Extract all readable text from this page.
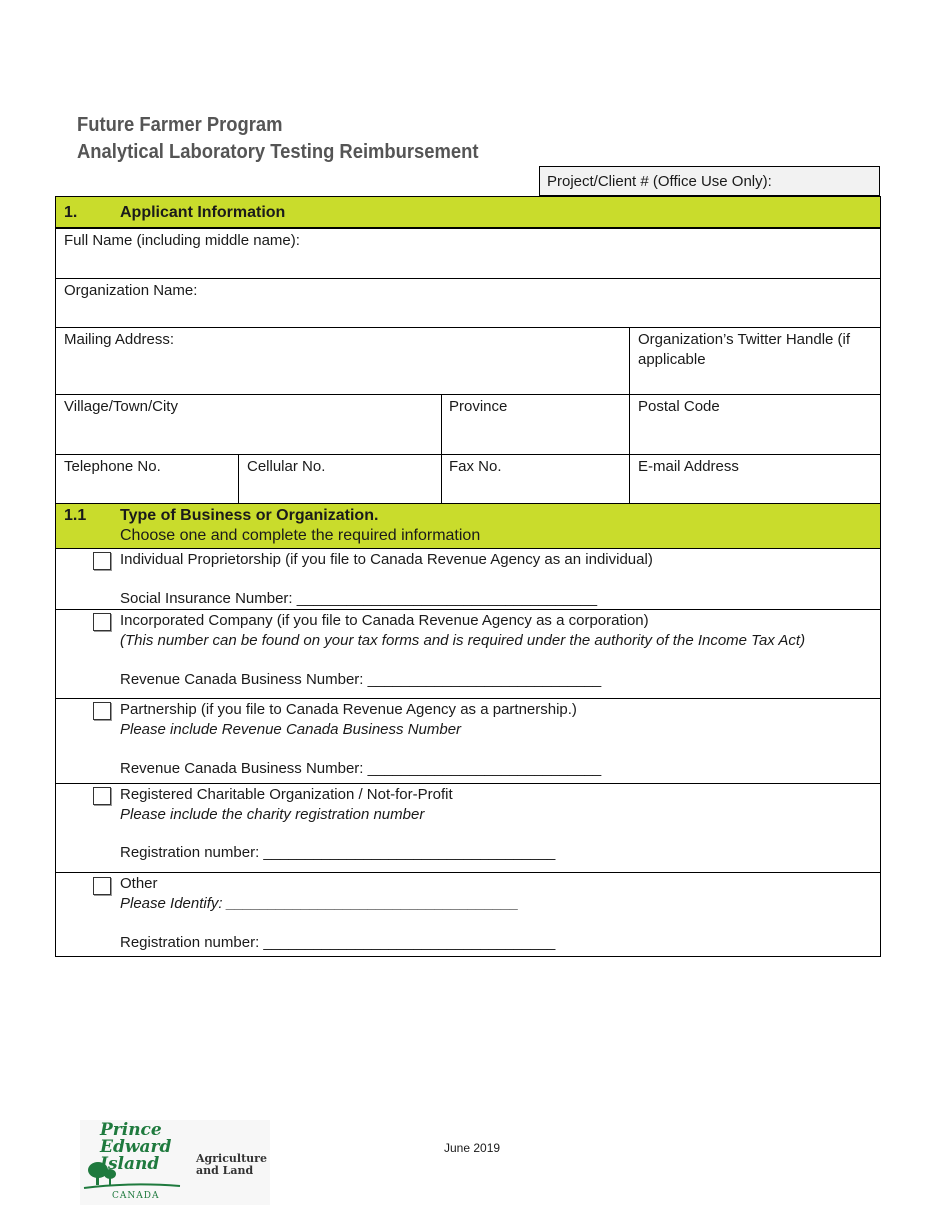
Future Farmer Program
Analytical Laboratory Testing Reimbursement
Project/Client # (Office Use Only):
1.	Applicant Information
Full Name (including middle name):
Organization Name:
Mailing Address:	Organization’s Twitter Handle (if
applicable
Village/Town/City	Province	Postal Code
Telephone No.	Cellular No.	Fax No.	E-mail Address
1.1 Type of Business or Organization.
Choose one and complete the required information
Individual Proprietorship (if you file to Canada Revenue Agency as an individual)
Social Insurance Number: ____________________________________
Incorporated Company (if you file to Canada Revenue Agency as a corporation)
(This number can be found on your tax forms and is required under the authority of the Income Tax Act)
Revenue Canada Business Number: ____________________________
Partnership (if you file to Canada Revenue Agency as a partnership.)
Please include Revenue Canada Business Number
Revenue Canada Business Number: ____________________________
Registered Charitable Organization / Not-for-Profit
Please include the charity registration number
Registration number: ___________________________________
Other
Please Identify: ___________________________________
Registration number: ___________________________________
Prince Edward Island
CANADA
Agriculture
and Land
June 2019
